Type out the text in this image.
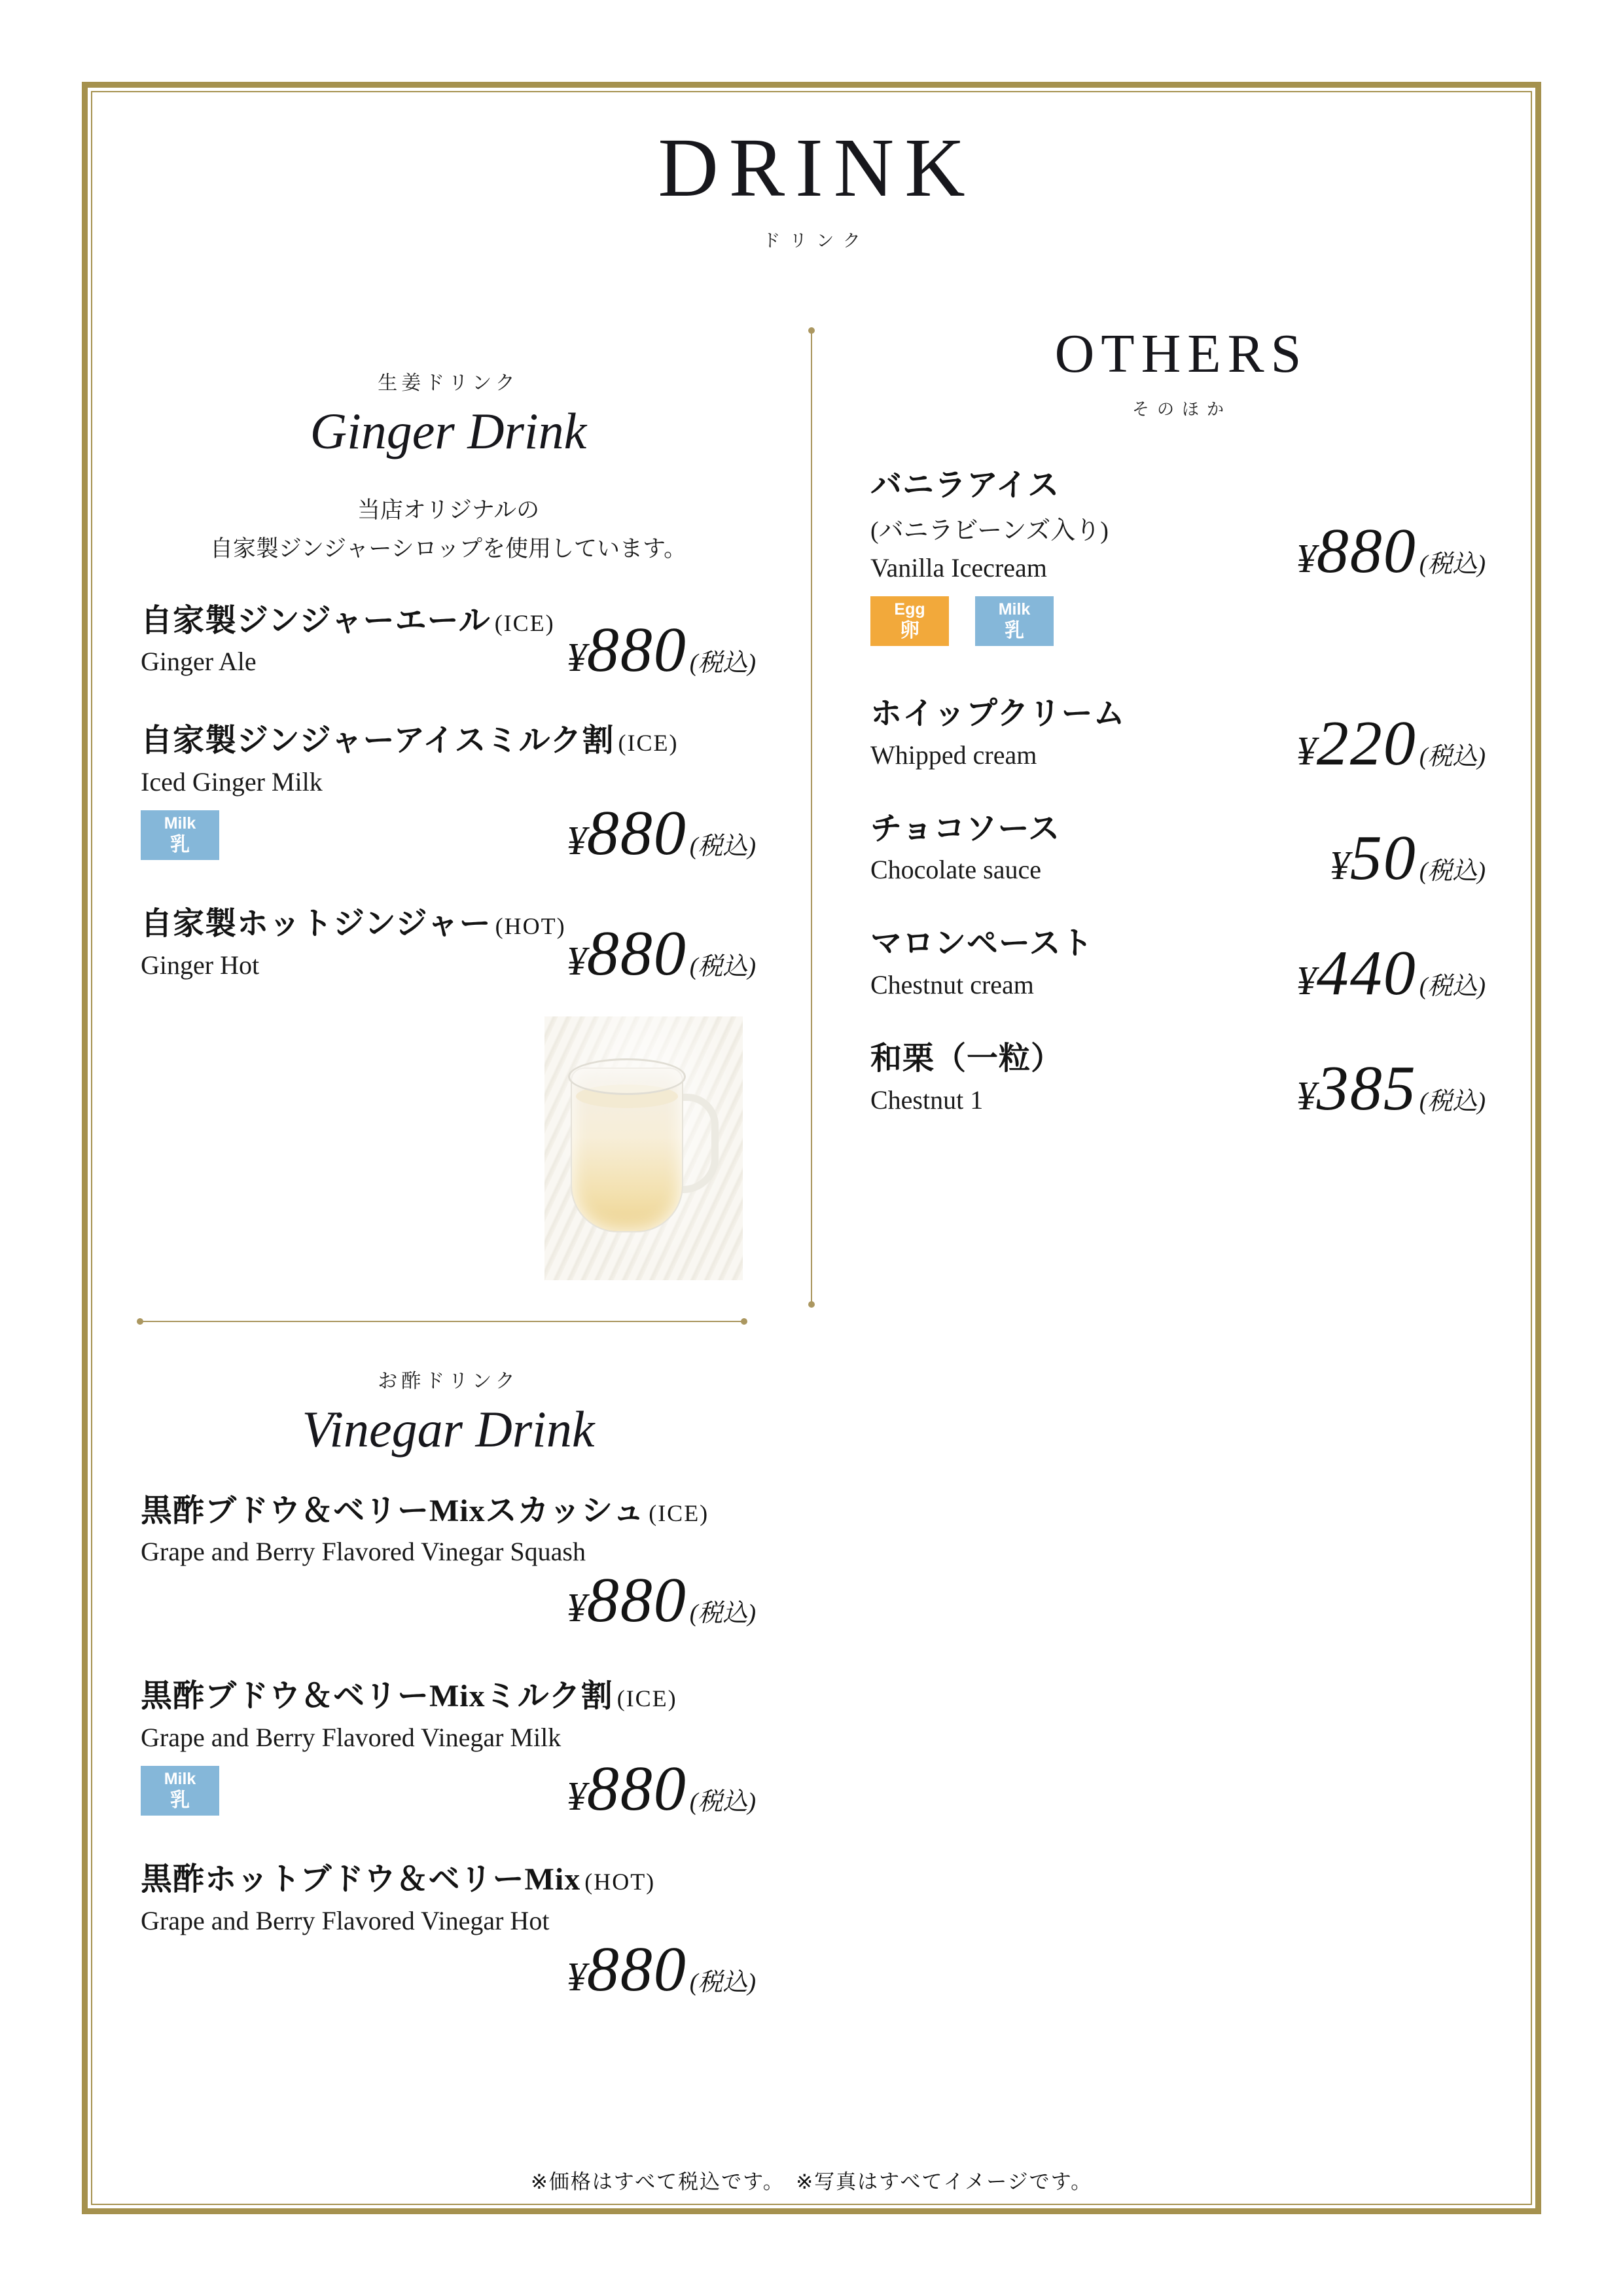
DRINK
ドリンク
生姜ドリンク
Ginger Drink
当店オリジナルの
自家製ジンジャーシロップを使用しています。
自家製ジンジャーエール (ICE)
Ginger Ale	¥ 880 (税込)
自家製ジンジャーアイスミルク割 (ICE)
Iced Ginger Milk
Milk
乳	¥ 880 (税込)
自家製ホットジンジャー (HOT)
Ginger Hot	¥ 880 (税込)
お酢ドリンク
Vinegar Drink
黒酢ブドウ＆ベリーMixスカッシュ (ICE)
Grape and Berry Flavored Vinegar Squash
¥ 880 (税込)
黒酢ブドウ＆ベリーMixミルク割 (ICE)
Grape and Berry Flavored Vinegar Milk
Milk
乳	¥ 880 (税込)
黒酢ホットブドウ＆ベリーMix (HOT)
Grape and Berry Flavored Vinegar Hot
¥ 880 (税込)
OTHERS
そのほか
バニラアイス
(バニラビーンズ入り)
Vanilla Icecream
Egg
卵
Milk
乳
¥ 880 (税込)
ホイップクリーム
Whipped cream	¥ 220 (税込)
チョコソース
Chocolate sauce	¥ 50 (税込)
マロンペースト
Chestnut cream	¥ 440 (税込)
和栗（一粒）
Chestnut 1	¥ 385 (税込)
※価格はすべて税込です。　※写真はすべてイメージです。
